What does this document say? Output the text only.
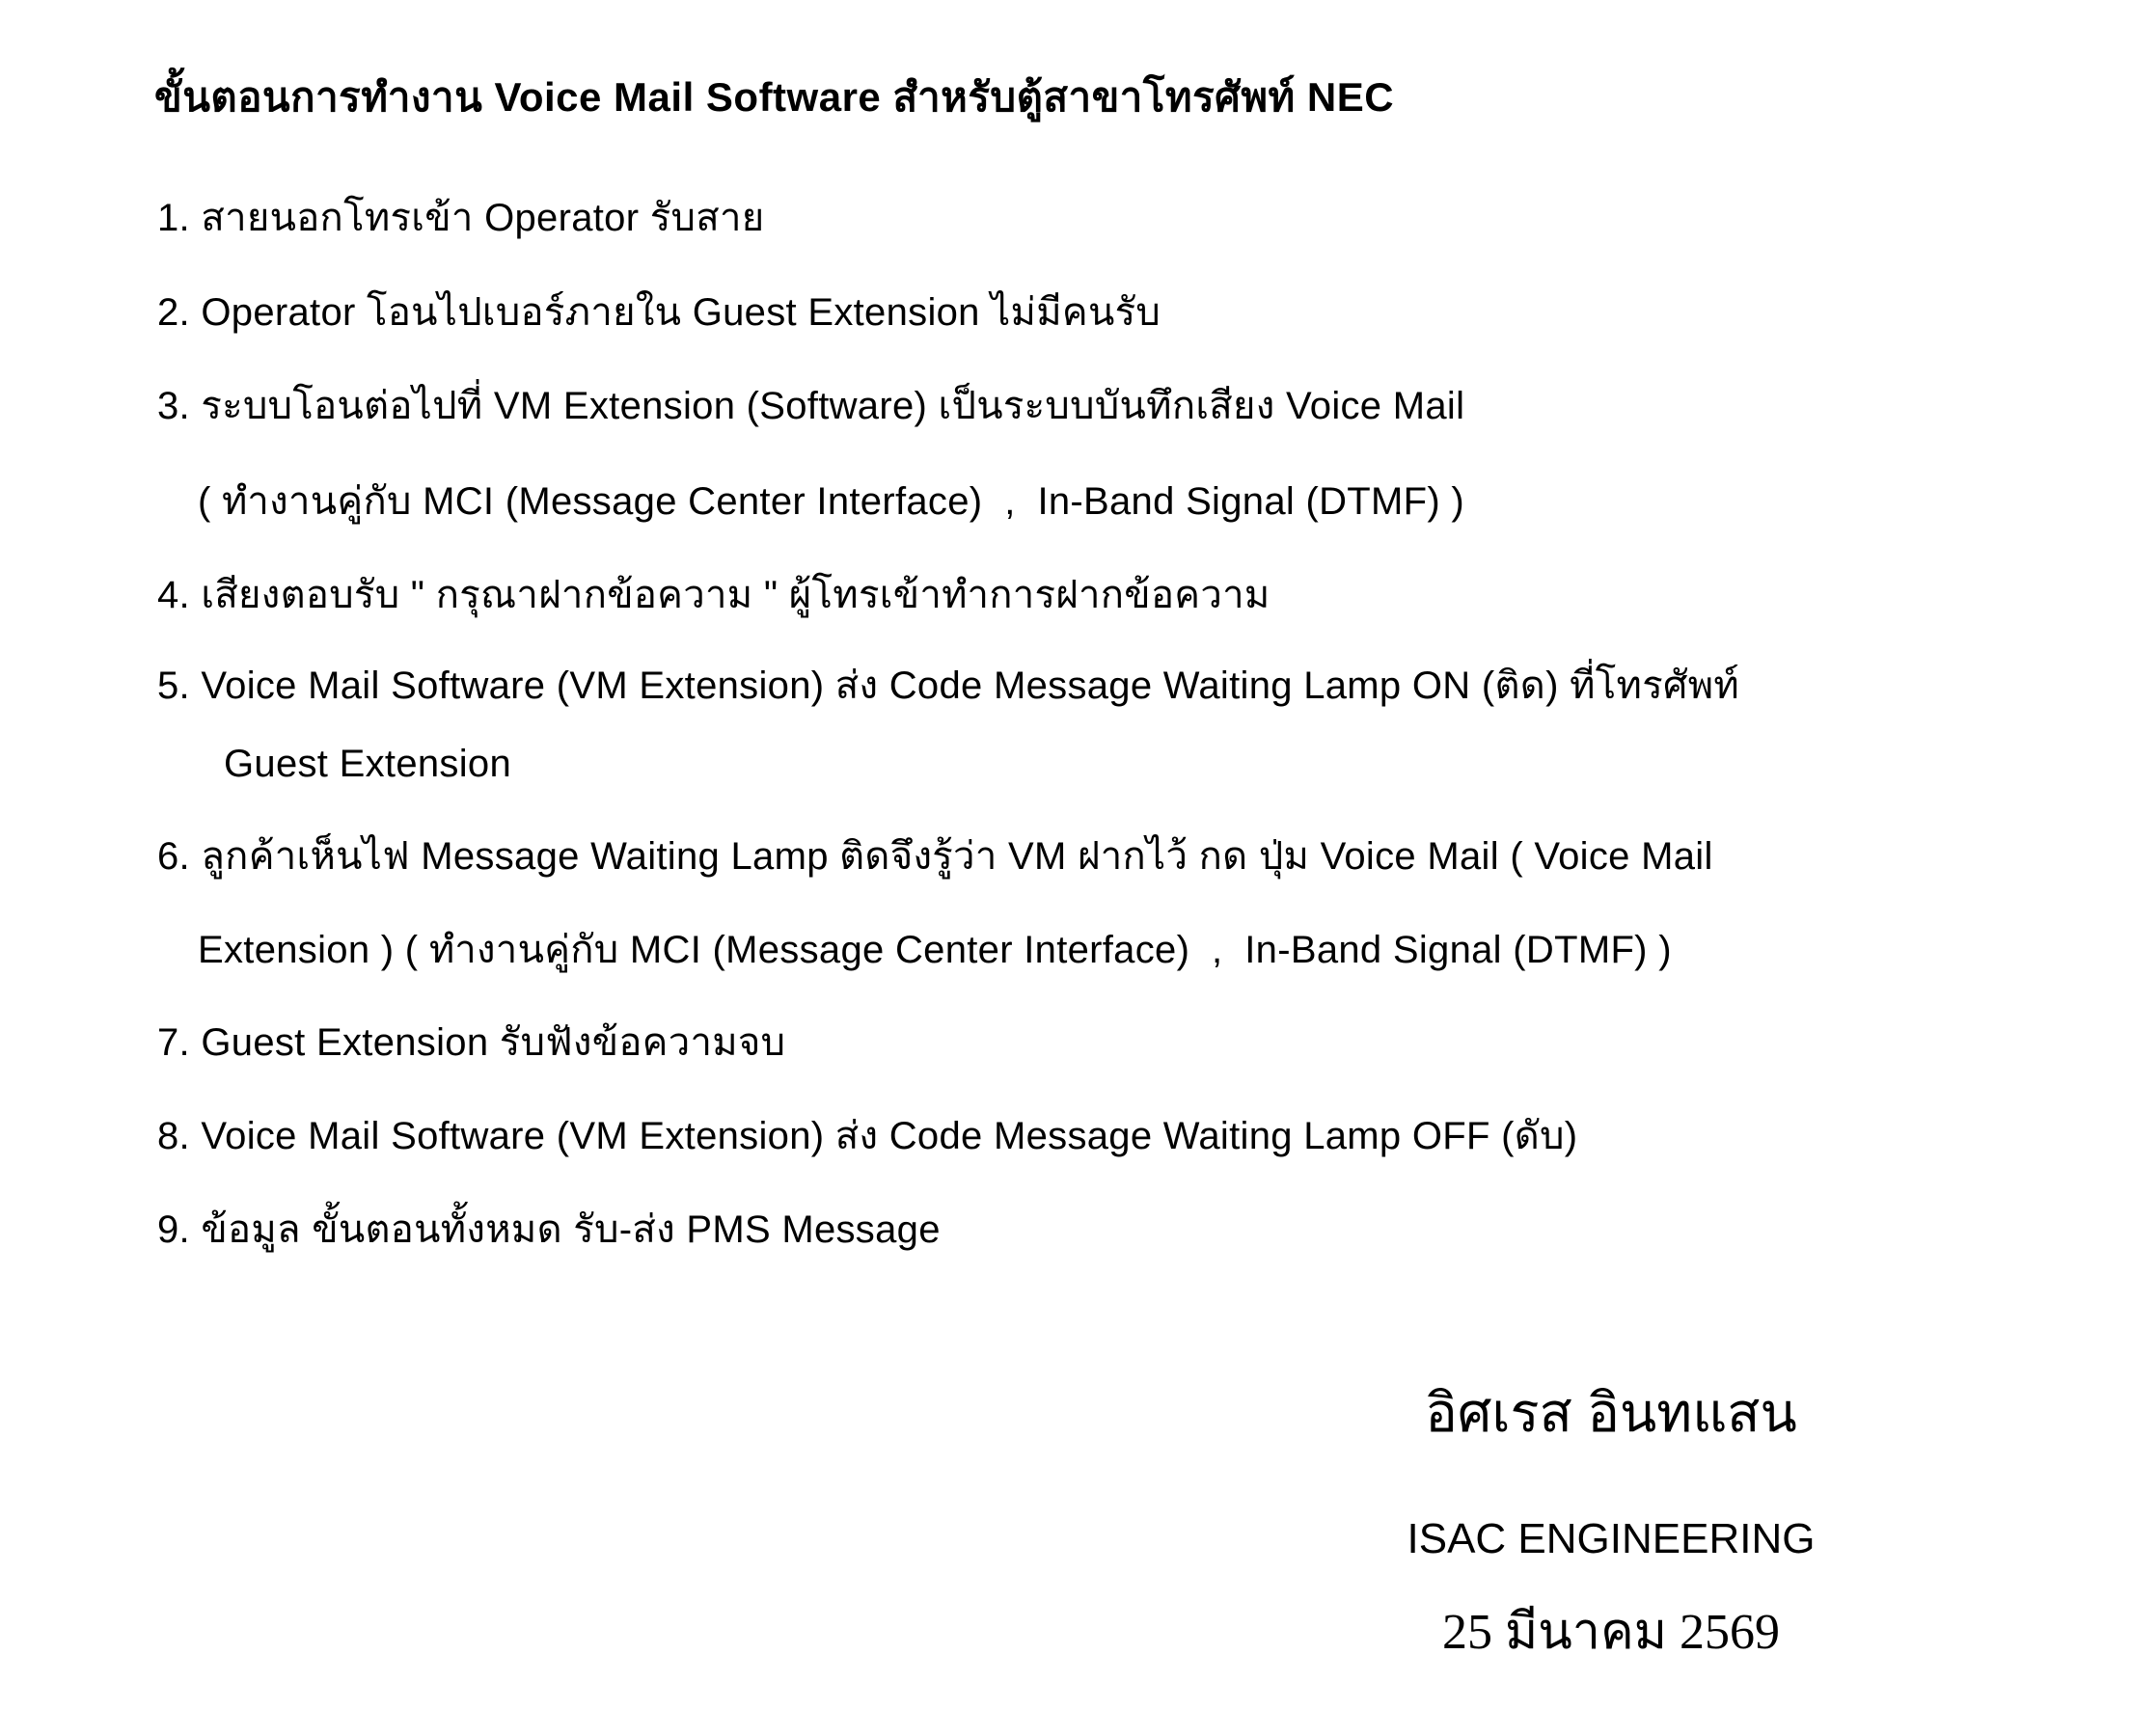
ขั้นตอนการทำงาน Voice Mail Software สำหรับตู้สาขาโทรศัพท์ NEC
1. สายนอกโทรเข้า Operator รับสาย
2. Operator โอนไปเบอร์ภายใน Guest Extension ไม่มีคนรับ
3. ระบบโอนต่อไปที่ VM Extension (Software) เป็นระบบบันทึกเสียง Voice Mail
( ทำงานคู่กับ MCI (Message Center Interface)  ,  In-Band Signal (DTMF) )
4. เสียงตอบรับ " กรุณาฝากข้อความ " ผู้โทรเข้าทำการฝากข้อความ
5. Voice Mail Software (VM Extension) ส่ง Code Message Waiting Lamp ON (ติด) ที่โทรศัพท์
Guest Extension
6. ลูกค้าเห็นไฟ Message Waiting Lamp ติดจึงรู้ว่า VM ฝากไว้ กด ปุ่ม Voice Mail ( Voice Mail
Extension ) ( ทำงานคู่กับ MCI (Message Center Interface)  ,  In-Band Signal (DTMF) )
7. Guest Extension รับฟังข้อความจบ
8. Voice Mail Software (VM Extension) ส่ง Code Message Waiting Lamp OFF (ดับ)
9. ข้อมูล ขั้นตอนทั้งหมด รับ-ส่ง PMS Message
อิศเรส อินทแสน
ISAC ENGINEERING
25 มีนาคม 2569
